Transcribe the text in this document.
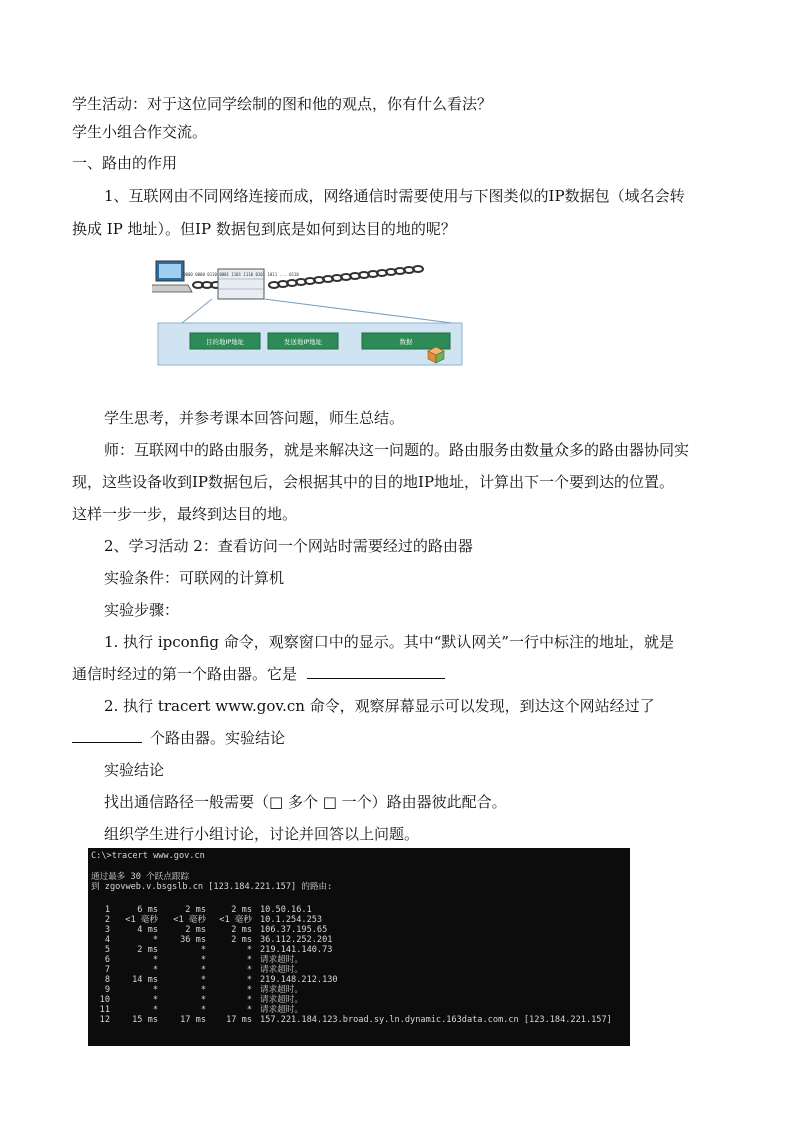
学生活动：对于这位同学绘制的图和他的观点，你有什么看法？
学生小组合作交流。
一、路由的作用
1、互联网由不同网络连接而成，网络通信时需要使用与下图类似的IP数据包（域名会转
换成 IP 地址）。但IP 数据包到底是如何到达目的地的呢？
0000 0000 0110 0001 1101 1110 0101 1011 ... 0110
目的地IP地址	发送地IP地址	数据
学生思考，并参考课本回答问题，师生总结。
师：互联网中的路由服务，就是来解决这一问题的。路由服务由数量众多的路由器协同实
现，这些设备收到IP数据包后，会根据其中的目的地IP地址，计算出下一个要到达的位置。
这样一步一步，最终到达目的地。
2、学习活动 2：查看访问一个网站时需要经过的路由器
实验条件：可联网的计算机
实验步骤：
1. 执行 ipconfig 命令，观察窗口中的显示。其中“默认网关”一行中标注的地址，就是
通信时经过的第一个路由器。它是
2. 执行 tracert www.gov.cn 命令，观察屏幕显示可以发现，到达这个网站经过了
个路由器。实验结论
实验结论
找出通信路径一般需要（□ 多个 □ 一个）路由器彼此配合。
组织学生进行小组讨论，讨论并回答以上问题。
C:\>tracert www.gov.cn
通过最多 30 个跃点跟踪
到 zgovweb.v.bsgslb.cn [123.184.221.157] 的路由:
1	6 ms	2 ms	2 ms 10.50.16.1
2 <1 毫秒	<1 毫秒	<1 毫秒 10.1.254.253
3	4 ms	2 ms	2 ms 106.37.195.65
4	*	36 ms	2 ms 36.112.252.201
5	2 ms	*	* 219.141.140.73
6	*	*	* 请求超时。
7	*	*	* 请求超时。
8	14 ms	*	* 219.148.212.130
9	*	*	* 请求超时。
10	*	*	* 请求超时。
11	*	*	* 请求超时。
12	15 ms	17 ms	17 ms 157.221.184.123.broad.sy.ln.dynamic.163data.com.cn [123.184.221.157]
